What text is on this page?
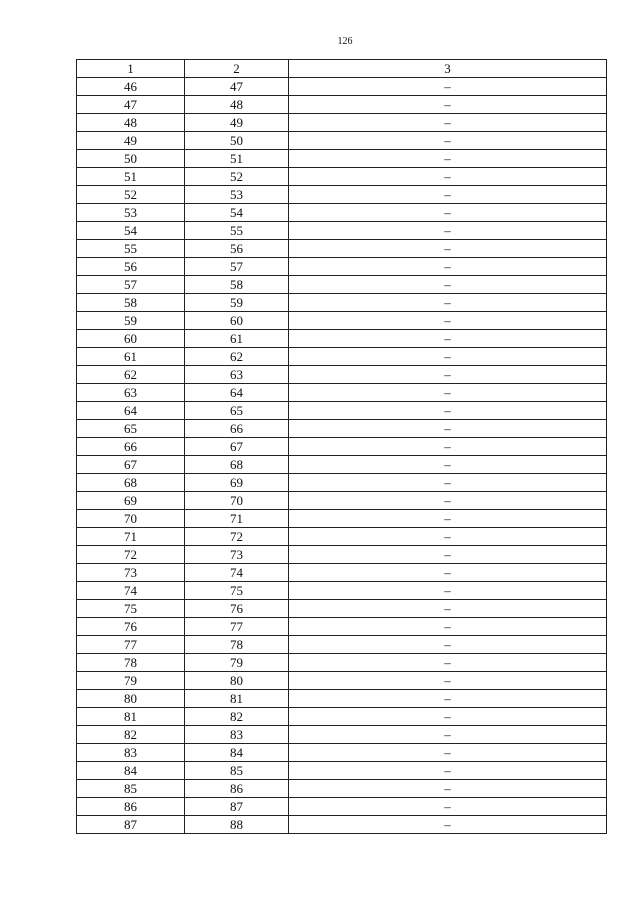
126
1	2	3
46	47	–
47	48	–
48	49	–
49	50	–
50	51	–
51	52	–
52	53	–
53	54	–
54	55	–
55	56	–
56	57	–
57	58	–
58	59	–
59	60	–
60	61	–
61	62	–
62	63	–
63	64	–
64	65	–
65	66	–
66	67	–
67	68	–
68	69	–
69	70	–
70	71	–
71	72	–
72	73	–
73	74	–
74	75	–
75	76	–
76	77	–
77	78	–
78	79	–
79	80	–
80	81	–
81	82	–
82	83	–
83	84	–
84	85	–
85	86	–
86	87	–
87	88	–
